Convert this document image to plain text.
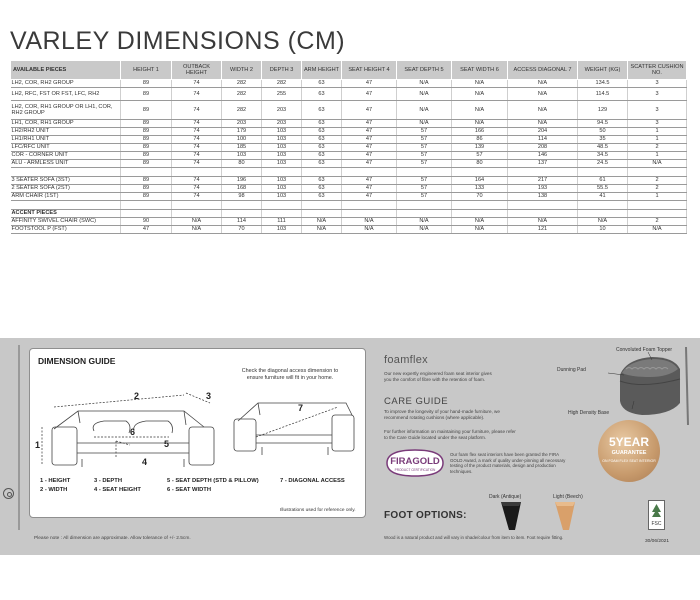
VARLEY DIMENSIONS (CM)
AVAILABLE PIECES	HEIGHT 1	OUTBACK HEIGHT	WIDTH 2	DEPTH 3	ARM HEIGHT	SEAT HEIGHT 4	SEAT DEPTH 5	SEAT WIDTH 6	ACCESS DIAGONAL 7	WEIGHT (KG)	SCATTER CUSHION NO.
LH2, COR, RH2 GROUP	89	74	282	282	63	47	N/A	N/A	N/A	134.5	3
LH2, RFC, FST OR FST, LFC, RH2	89	74	282	255	63	47	N/A	N/A	N/A	114.5	3
LH2, COR, RH1 GROUP OR LH1, COR, RH2 GROUP	89	74	282	203	63	47	N/A	N/A	N/A	129	3
LH1, COR, RH1 GROUP	89	74	203	203	63	47	N/A	N/A	N/A	94.5	3
LH2/RH2 UNIT	89	74	179	103	63	47	57	166	204	50	1
LH1/RH1 UNIT	89	74	100	103	63	47	57	86	114	35	1
LFC/RFC UNIT	89	74	185	103	63	47	57	139	208	48.5	2
COR - CORNER UNIT	89	74	103	103	63	47	57	57	146	34.5	1
ALU - ARMLESS UNIT	89	74	80	103	63	47	57	80	137	24.5	N/A

3 SEATER SOFA (3ST)	89	74	196	103	63	47	57	164	217	61	2
2 SEATER SOFA (2ST)	89	74	168	103	63	47	57	133	193	55.5	2
ARM CHAIR (1ST)	89	74	98	103	63	47	57	70	138	41	1

ACCENT PIECES											
AFFINITY SWIVEL CHAIR (SWC)	90	N/A	114	111	N/A	N/A	N/A	N/A	N/A	N/A	2
FOOTSTOOL P (FST)	47	N/A	70	103	N/A	N/A	N/A	N/A	121	10	N/A
DIMENSION GUIDE
Check the diagonal access dimension to ensure furniture will fit in your home.
2	3
1
4
5
6
7
1 - HEIGHT
2 - WIDTH
3 - DEPTH
4 - SEAT HEIGHT
5 - SEAT DEPTH (STD & PILLOW)
6 - SEAT WIDTH
7 - DIAGONAL ACCESS
Illustrations used for reference only.
Please note : All dimension are approximate. Allow tolerance of +/- 2.5cm.
foamflex
Our new expertly engineered foam seat interior gives you the comfort of fibre with the retention of foam.
CARE GUIDE
To improve the longevity of your hand-made furniture, we recommend rotating cushions (where applicable).
For further information on maintaining your furniture, please refer to the Care Guide located under the seat platform.
FIRAGOLD
PRODUCT CERTIFICATION
Our foam flex seat interiors have been granted the FIRA GOLD Award, a mark of quality under-pinning all necessary testing of the product materials, design and production techniques.
FOOT OPTIONS:
Dark (Antique)	Light (Beech)
Wood is a natural product and will vary in shade/colour from item to item. Foot require fitting.
Convoluted Foam Topper
Dunning Pad
High Density Base
5YEAR
GUARANTEE
ON FOAM FLEX SEAT INTERIOR
FSC
30/06/2021
